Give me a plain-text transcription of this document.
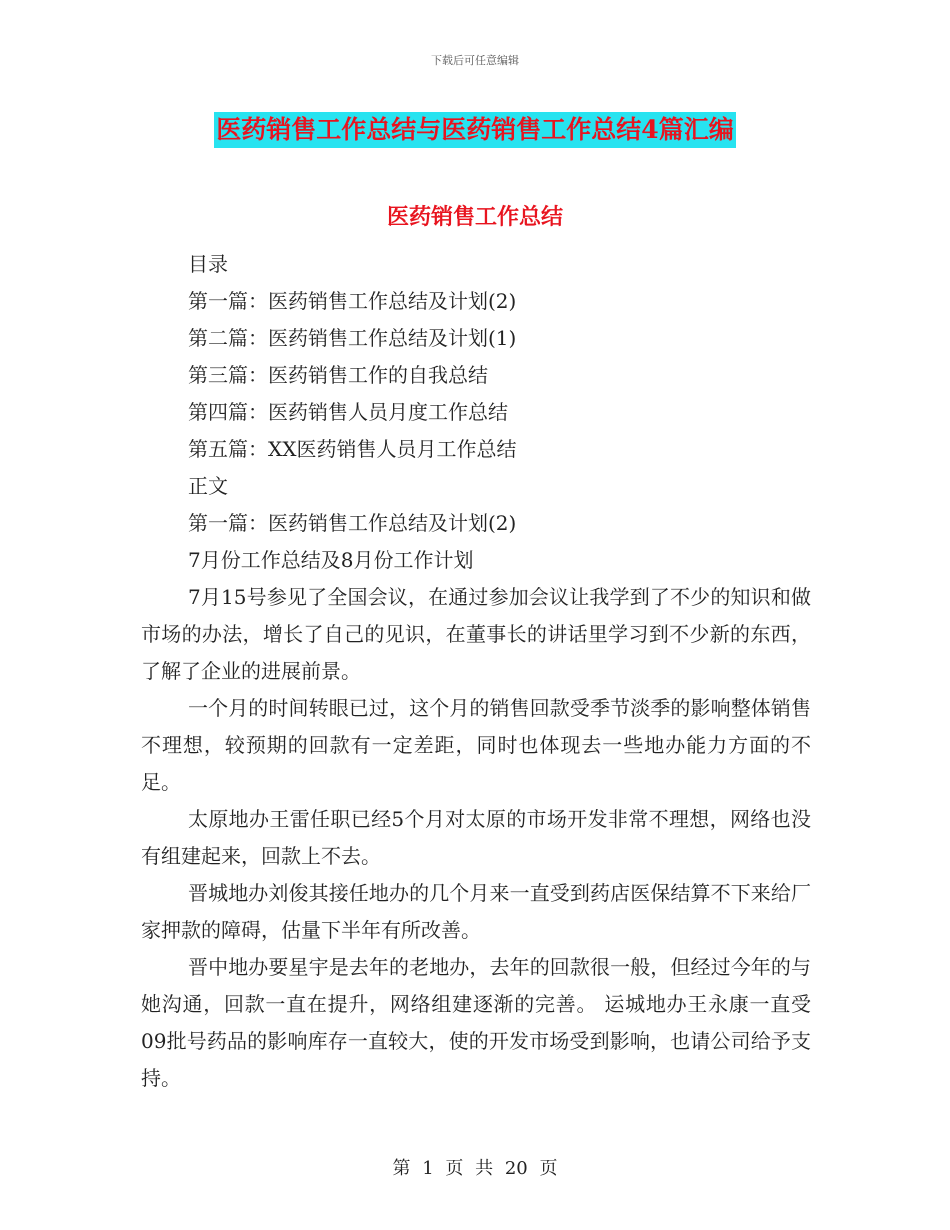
下载后可任意编辑
医药销售工作总结与医药销售工作总结4篇汇编
医药销售工作总结
目录
第一篇：医药销售工作总结及计划(2)
第二篇：医药销售工作总结及计划(1)
第三篇：医药销售工作的自我总结
第四篇：医药销售人员月度工作总结
第五篇：XX医药销售人员月工作总结
正文
第一篇：医药销售工作总结及计划(2)
7月份工作总结及8月份工作计划

7月15号参见了全国会议，在通过参加会议让我学到了不少的知识和做市场的办法，增长了自己的见识，在董事长的讲话里学习到不少新的东西，了解了企业的进展前景。

一个月的时间转眼已过，这个月的销售回款受季节淡季的影响整体销售不理想，较预期的回款有一定差距，同时也体现去一些地办能力方面的不足。

太原地办王雷任职已经5个月对太原的市场开发非常不理想，网络也没有组建起来，回款上不去。

晋城地办刘俊其接任地办的几个月来一直受到药店医保结算不下来给厂家押款的障碍，估量下半年有所改善。

晋中地办要星宇是去年的老地办，去年的回款很一般，但经过今年的与她沟通，回款一直在提升，网络组建逐渐的完善。 运城地办王永康一直受09批号药品的影响库存一直较大，使的开发市场受到影响，也请公司给予支持。

第 1 页 共 20 页
